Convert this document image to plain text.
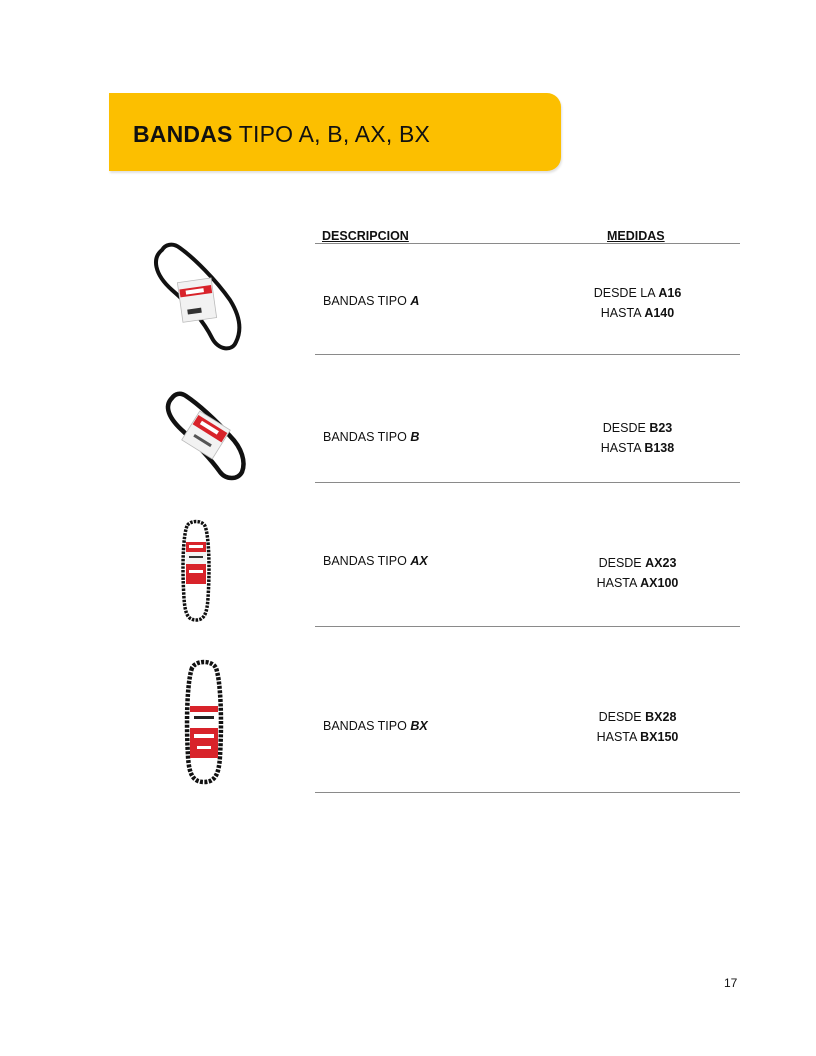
BANDAS TIPO A, B, AX, BX
DESCRIPCION	MEDIDAS
BANDAS TIPO A
DESDE LA A16
HASTA A140
BANDAS TIPO B
DESDE B23
HASTA B138
BANDAS TIPO AX	DESDE AX23
HASTA AX100
BANDAS TIPO BX
DESDE BX28
HASTA BX150
17
